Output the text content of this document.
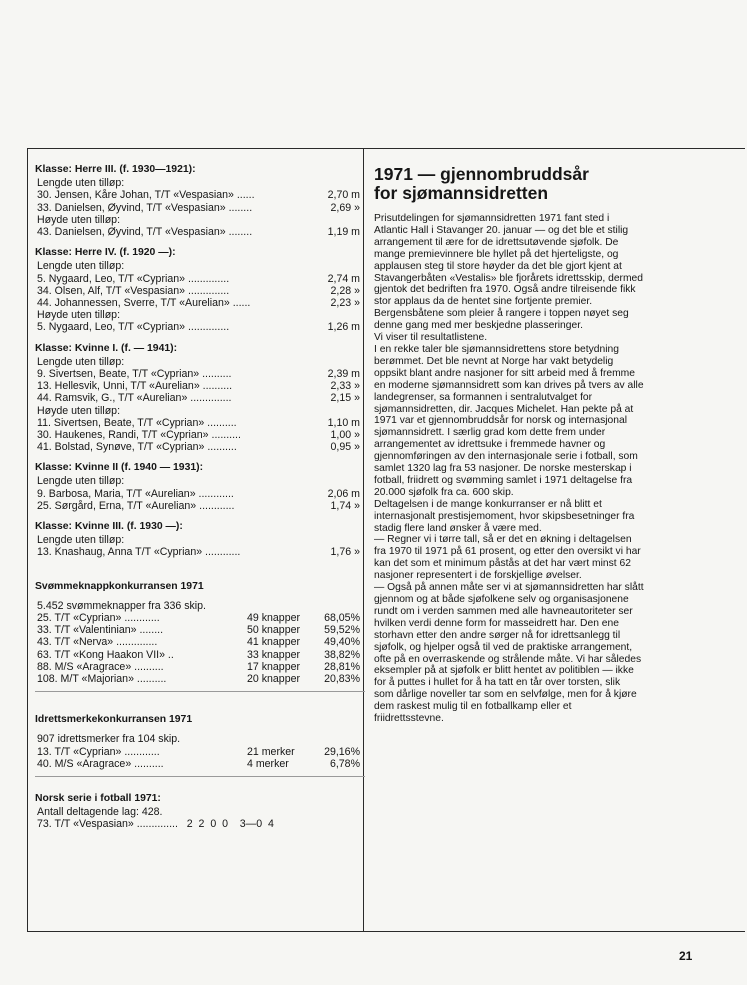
Klasse: Herre III. (f. 1930—1921):
Lengde uten tilløp:
30. Jensen, Kåre Johan, T/T «Vespasian» ......	2,70 m
33. Danielsen, Øyvind, T/T «Vespasian» ........	2,69 »
Høyde uten tilløp:
43. Danielsen, Øyvind, T/T «Vespasian» ........	1,19 m
Klasse: Herre IV. (f. 1920 —):
Lengde uten tilløp:
5. Nygaard, Leo, T/T «Cyprian» ..............	2,74 m
34. Olsen, Alf, T/T «Vespasian» ..............	2,28 »
44. Johannessen, Sverre, T/T «Aurelian» ......	2,23 »
Høyde uten tilløp:
5. Nygaard, Leo, T/T «Cyprian» ..............	1,26 m
Klasse: Kvinne I. (f. — 1941):
Lengde uten tilløp:
9. Sivertsen, Beate, T/T «Cyprian» ..........	2,39 m
13. Hellesvik, Unni, T/T «Aurelian» ..........	2,33 »
44. Ramsvik, G., T/T «Aurelian» ..............	2,15 »
Høyde uten tilløp:
11. Sivertsen, Beate, T/T «Cyprian» ..........	1,10 m
30. Haukenes, Randi, T/T «Cyprian» ..........	1,00 »
41. Bolstad, Synøve, T/T «Cyprian» ..........	0,95 »
Klasse: Kvinne II (f. 1940 — 1931):
Lengde uten tilløp:
9. Barbosa, Maria, T/T «Aurelian» ............	2,06 m
25. Sørgård, Erna, T/T «Aurelian» ............	1,74 »
Klasse: Kvinne III. (f. 1930 —):
Lengde uten tilløp:
13. Knashaug, Anna T/T «Cyprian» ............	1,76 »
Svømmeknappkonkurransen 1971
5.452 svømmeknapper fra 336 skip.
25. T/T «Cyprian» ............	49 knapper 68,05%
33. T/T «Valentinian» ........	50 knapper 59,52%
43. T/T «Nerva» ..............	41 knapper 49,40%
63. T/T «Kong Haakon VII» ..	33 knapper 38,82%
88. M/S «Aragrace» ..........	17 knapper 28,81%
108. M/T «Majorian» ..........	20 knapper 20,83%
Idrettsmerkekonkurransen 1971
907 idrettsmerker fra 104 skip.
13. T/T «Cyprian» ............	21 merker	29,16%
40. M/S «Aragrace» ..........	4 merker	6,78%
Norsk serie i fotball 1971:
Antall deltagende lag: 428.
73. T/T «Vespasian» ..............   2  2  0  0    3—0  4
1971 — gjennombruddsår
for sjømannsidretten

Prisutdelingen for sjømannsidretten 1971 fant sted i
Atlantic Hall i Stavanger 20. januar — og det ble et stilig
arrangement til ære for de idrettsutøvende sjøfolk. De
mange premievinnere ble hyllet på det hjerteligste, og
applausen steg til store høyder da det ble gjort kjent at
Stavangerbåten «Vestalis» ble fjorårets idrettsskip, dermed
gjentok det bedriften fra 1970. Også andre tilreisende fikk
stor applaus da de hentet sine fortjente premier.
Bergensbåtene som pleier å rangere i toppen nøyet seg
denne gang med mer beskjedne plasseringer.
Vi viser til resultatlistene.

I en rekke taler ble sjømannsidrettens store betydning
berømmet. Det ble nevnt at Norge har vakt betydelig
oppsikt blant andre nasjoner for sitt arbeid med å fremme
en moderne sjømannsidrett som kan drives på tvers av alle
landegrenser, sa formannen i sentralutvalget for
sjømannsidretten, dir. Jacques Michelet. Han pekte på at
1971 var et gjennombruddsår for norsk og internasjonal
sjømannsidrett. I særlig grad kom dette frem under
arrangementet av idrettsuke i fremmede havner og
gjennomføringen av den internasjonale serie i fotball, som
samlet 1320 lag fra 53 nasjoner. De norske mesterskap i
fotball, friidrett og svømming samlet i 1971 deltagelse fra
20.000 sjøfolk fra ca. 600 skip.

Deltagelsen i de mange konkurranser er nå blitt et
internasjonalt prestisjemoment, hvor skipsbesetninger fra
stadig flere land ønsker å være med.

— Regner vi i tørre tall, så er det en økning i deltagelsen
fra 1970 til 1971 på 61 prosent, og etter den oversikt vi har
kan det som et minimum påstås at det har vært minst 62
nasjoner representert i de forskjellige øvelser.

— Også på annen måte ser vi at sjømannsidretten har slått
gjennom og at både sjøfolkene selv og organisasjonene
rundt om i verden sammen med alle havneautoriteter ser
hvilken verdi denne form for masseidrett har. Den ene
storhavn etter den andre sørger nå for idrettsanlegg til
sjøfolk, og hjelper også til ved de praktiske arrangement,
ofte på en overraskende og strålende måte. Vi har således
eksempler på at sjøfolk er blitt hentet av politiblen — ikke
for å puttes i hullet for å ha tatt en tår over torsten, slik
som dårlige noveller tar som en selvfølge, men for å kjøre
dem raskest mulig til en fotballkamp eller et
friidrettsstevne.

21
